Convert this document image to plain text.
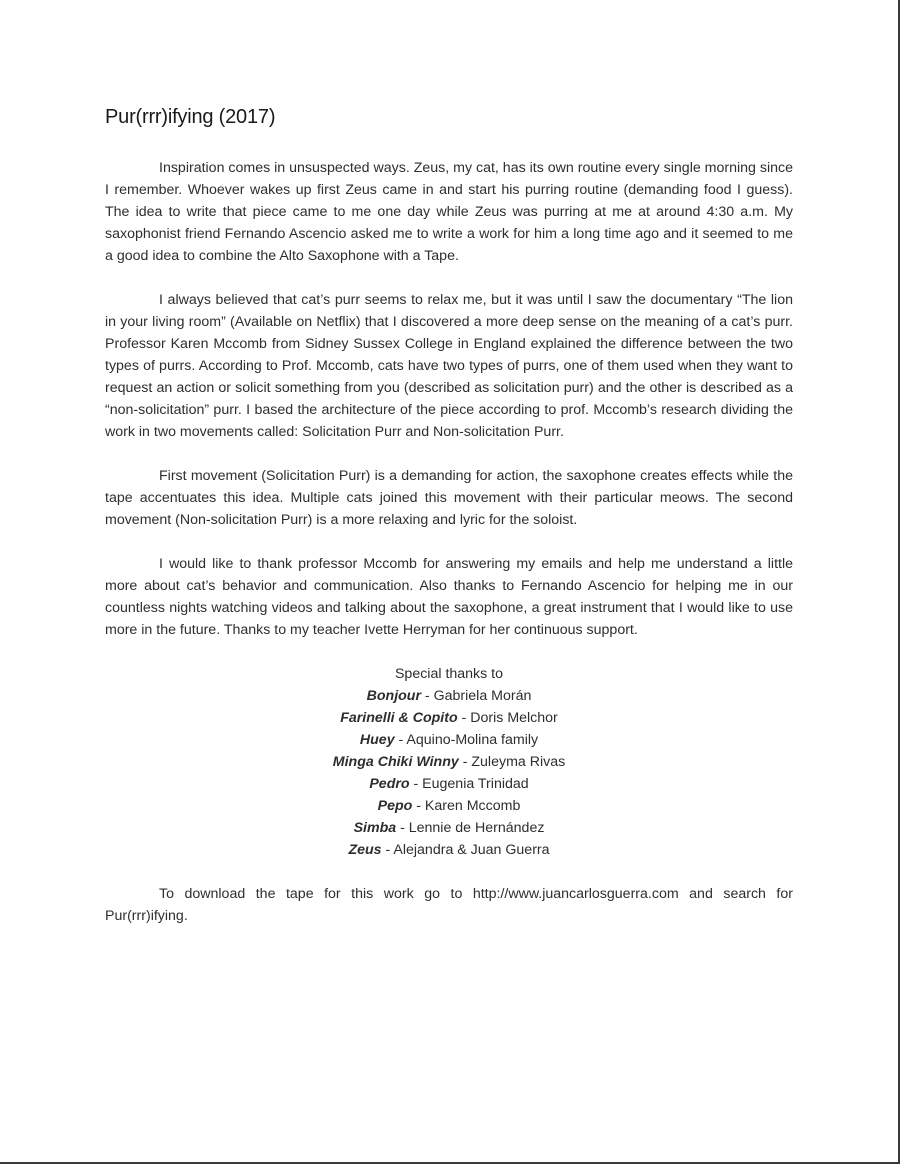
Pur(rrr)ifying (2017)

Inspiration comes in unsuspected ways. Zeus, my cat, has its own routine every single morning since I remember. Whoever wakes up first Zeus came in and start his purring routine (demanding food I guess). The idea to write that piece came to me one day while Zeus was purring at me at around 4:30 a.m. My saxophonist friend Fernando Ascencio asked me to write a work for him a long time ago and it seemed to me a good idea to combine the Alto Saxophone with a Tape.

I always believed that cat’s purr seems to relax me, but it was until I saw the documentary “The lion in your living room” (Available on Netflix) that I discovered a more deep sense on the meaning of a cat’s purr. Professor Karen Mccomb from Sidney Sussex College in England explained the difference between the two types of purrs. According to Prof. Mccomb, cats have two types of purrs, one of them used when they want to request an action or solicit something from you (described as solicitation purr) and the other is described as a “non-solicitation” purr. I based the architecture of the piece according to prof. Mccomb’s research dividing the work in two movements called: Solicitation Purr and Non-solicitation Purr.

First movement (Solicitation Purr) is a demanding for action, the saxophone creates effects while the tape accentuates this idea. Multiple cats joined this movement with their particular meows. The second movement (Non-solicitation Purr) is a more relaxing and lyric for the soloist.

I would like to thank professor Mccomb for answering my emails and help me understand a little more about cat’s behavior and communication. Also thanks to Fernando Ascencio for helping me in our countless nights watching videos and talking about the saxophone, a great instrument that I would like to use more in the future. Thanks to my teacher Ivette Herryman for her continuous support.

Special thanks to
Bonjour - Gabriela Morán
Farinelli & Copito - Doris Melchor
Huey - Aquino-Molina family
Minga Chiki Winny - Zuleyma Rivas
Pedro - Eugenia Trinidad
Pepo - Karen Mccomb
Simba - Lennie de Hernández
Zeus - Alejandra & Juan Guerra

To download the tape for this work go to http://www.juancarlosguerra.com and search for Pur(rrr)ifying.
